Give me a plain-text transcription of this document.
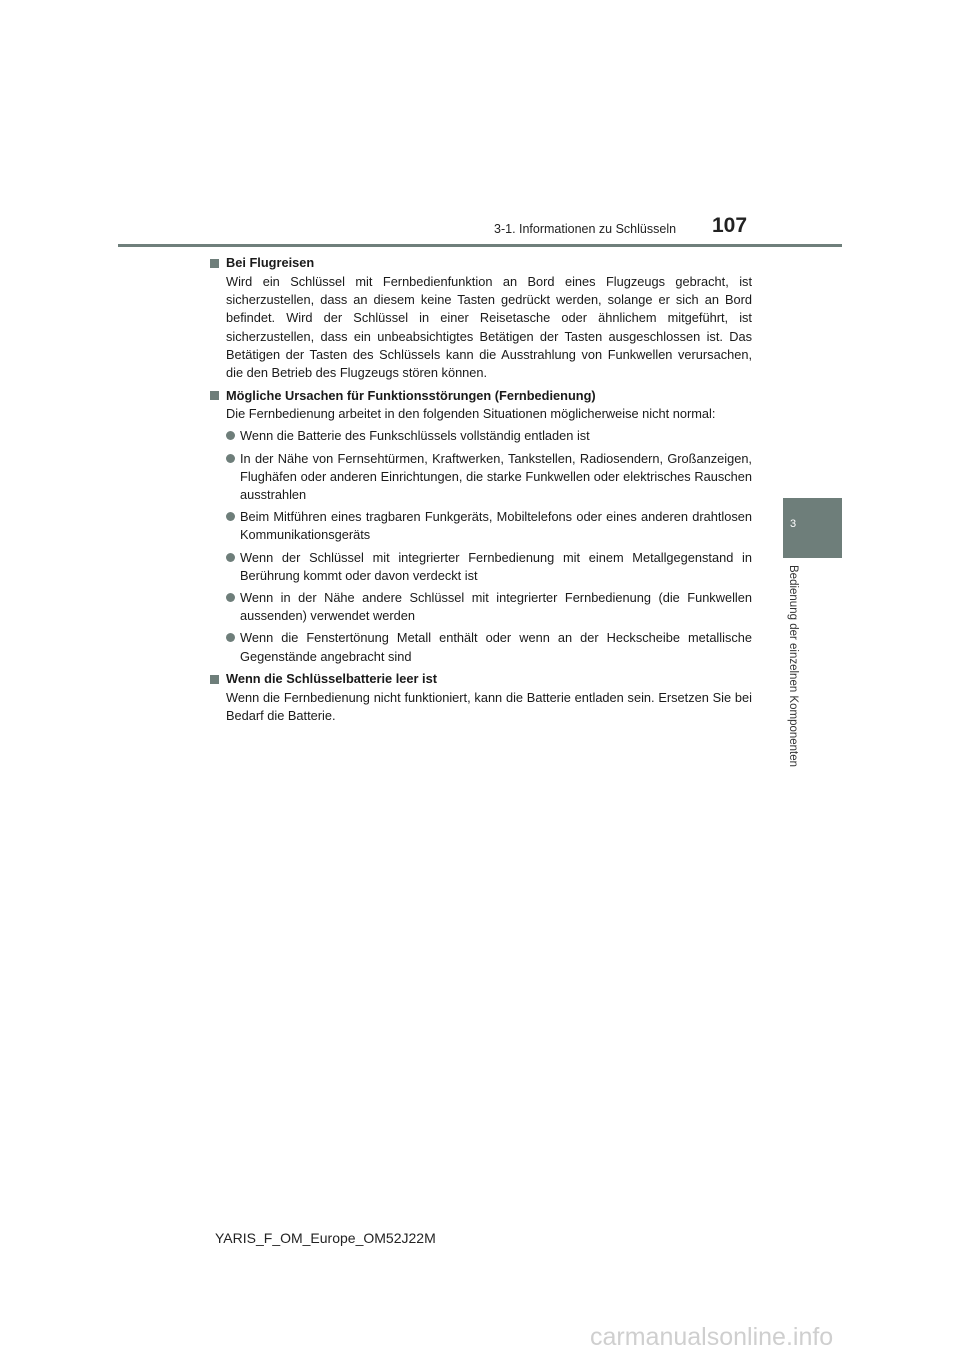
3-1. Informationen zu Schlüsseln	107
3
Bedienung der einzelnen Komponenten
Bei Flugreisen
Wird ein Schlüssel mit Fernbedienfunktion an Bord eines Flugzeugs gebracht, ist sicherzustellen, dass an diesem keine Tasten gedrückt werden, solange er sich an Bord befindet. Wird der Schlüssel in einer Reisetasche oder ähnlichem mitgeführt, ist sicherzustellen, dass ein unbeabsichtigtes Betätigen der Tasten ausgeschlossen ist. Das Betätigen der Tasten des Schlüssels kann die Ausstrahlung von Funkwellen verursachen, die den Betrieb des Flugzeugs stören können.
Mögliche Ursachen für Funktionsstörungen (Fernbedienung)
Die Fernbedienung arbeitet in den folgenden Situationen möglicherweise nicht normal:
Wenn die Batterie des Funkschlüssels vollständig entladen ist
In der Nähe von Fernsehtürmen, Kraftwerken, Tankstellen, Radiosendern, Großanzeigen, Flughäfen oder anderen Einrichtungen, die starke Funkwellen oder elektrisches Rauschen ausstrahlen
Beim Mitführen eines tragbaren Funkgeräts, Mobiltelefons oder eines anderen drahtlosen Kommunikationsgeräts
Wenn der Schlüssel mit integrierter Fernbedienung mit einem Metallgegenstand in Berührung kommt oder davon verdeckt ist
Wenn in der Nähe andere Schlüssel mit integrierter Fernbedienung (die Funkwellen aussenden) verwendet werden
Wenn die Fenstertönung Metall enthält oder wenn an der Heckscheibe metallische Gegenstände angebracht sind
Wenn die Schlüsselbatterie leer ist
Wenn die Fernbedienung nicht funktioniert, kann die Batterie entladen sein. Ersetzen Sie bei Bedarf die Batterie.
YARIS_F_OM_Europe_OM52J22M
carmanualsonline.info
